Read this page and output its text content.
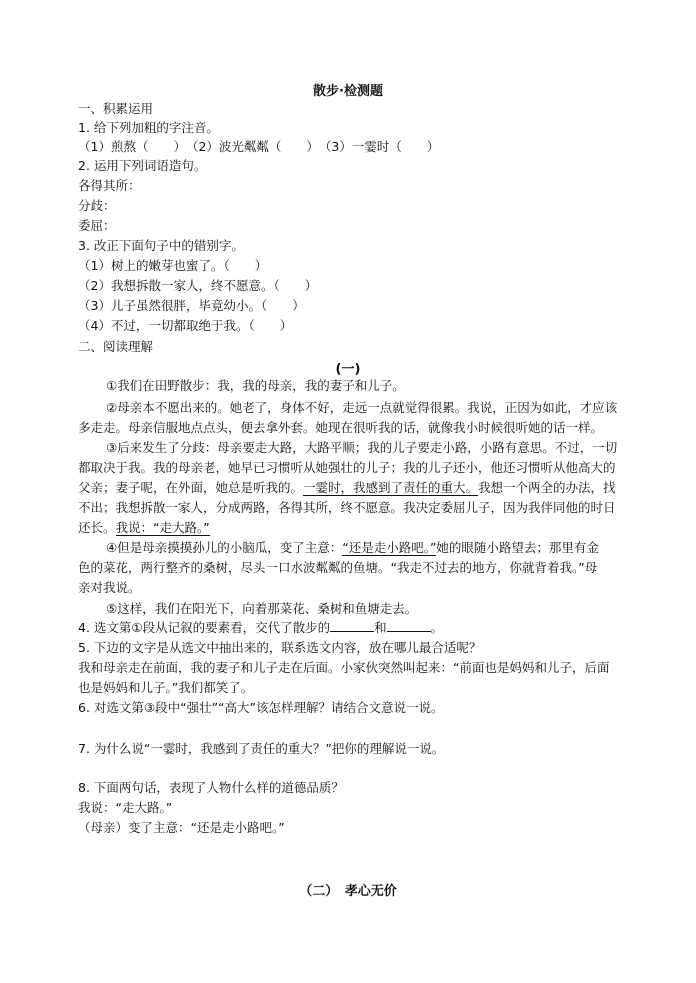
散步·检测题
一、积累运用
1. 给下列加粗的字注音。
（1）煎熬（　　）　（2）波光粼粼（　　）　（3）一霎时（　　）
2. 运用下列词语造句。
各得其所：
分歧：
委屈：
3. 改正下面句子中的错别字。
（1）树上的嫩芽也蜜了。（　　）
（2）我想拆散一家人，终不愿意。（　　）
（3）儿子虽然很胖，毕竟幼小。（　　）
（4）不过，一切都取绝于我。（　　）
二、阅读理解
(一)
①我们在田野散步：我，我的母亲，我的妻子和儿子。
②母亲本不愿出来的。她老了，身体不好，走远一点就觉得很累。我说，正因为如此，才应该
多走走。母亲信服地点点头，便去拿外套。她现在很听我的话，就像我小时候很听她的话一样。
③后来发生了分歧：母亲要走大路，大路平顺；我的儿子要走小路，小路有意思。不过，一切
都取决于我。我的母亲老，她早已习惯听从她强壮的儿子；我的儿子还小，他还习惯听从他高大的
父亲；妻子呢，在外面，她总是听我的。一霎时，我感到了责任的重大。我想一个两全的办法，找
不出；我想拆散一家人，分成两路，各得其所，终不愿意。我决定委屈儿子，因为我伴同他的时日
还长。我说：“走大路。”
④但是母亲摸摸孙儿的小脑瓜，变了主意：“还是走小路吧。”她的眼随小路望去；那里有金
色的菜花，两行整齐的桑树，尽头一口水波粼粼的鱼塘。“我走不过去的地方，你就背着我。”母
亲对我说。
⑤这样，我们在阳光下，向着那菜花、桑树和鱼塘走去。
4. 选文第①段从记叙的要素看，交代了散步的	和	。
5. 下边的文字是从选文中抽出来的，联系选文内容，放在哪儿最合适呢？
我和母亲走在前面，我的妻子和儿子走在后面。小家伙突然叫起来：“前面也是妈妈和儿子，后面
也是妈妈和儿子。”我们都笑了。
6. 对选文第③段中“强壮”“高大”该怎样理解？请结合文意说一说。
7. 为什么说“一霎时，我感到了责任的重大？”把你的理解说一说。
8. 下面两句话，表现了人物什么样的道德品质？
我说：“走大路。”
（母亲）变了主意：“还是走小路吧。”
（二）　孝心无价
